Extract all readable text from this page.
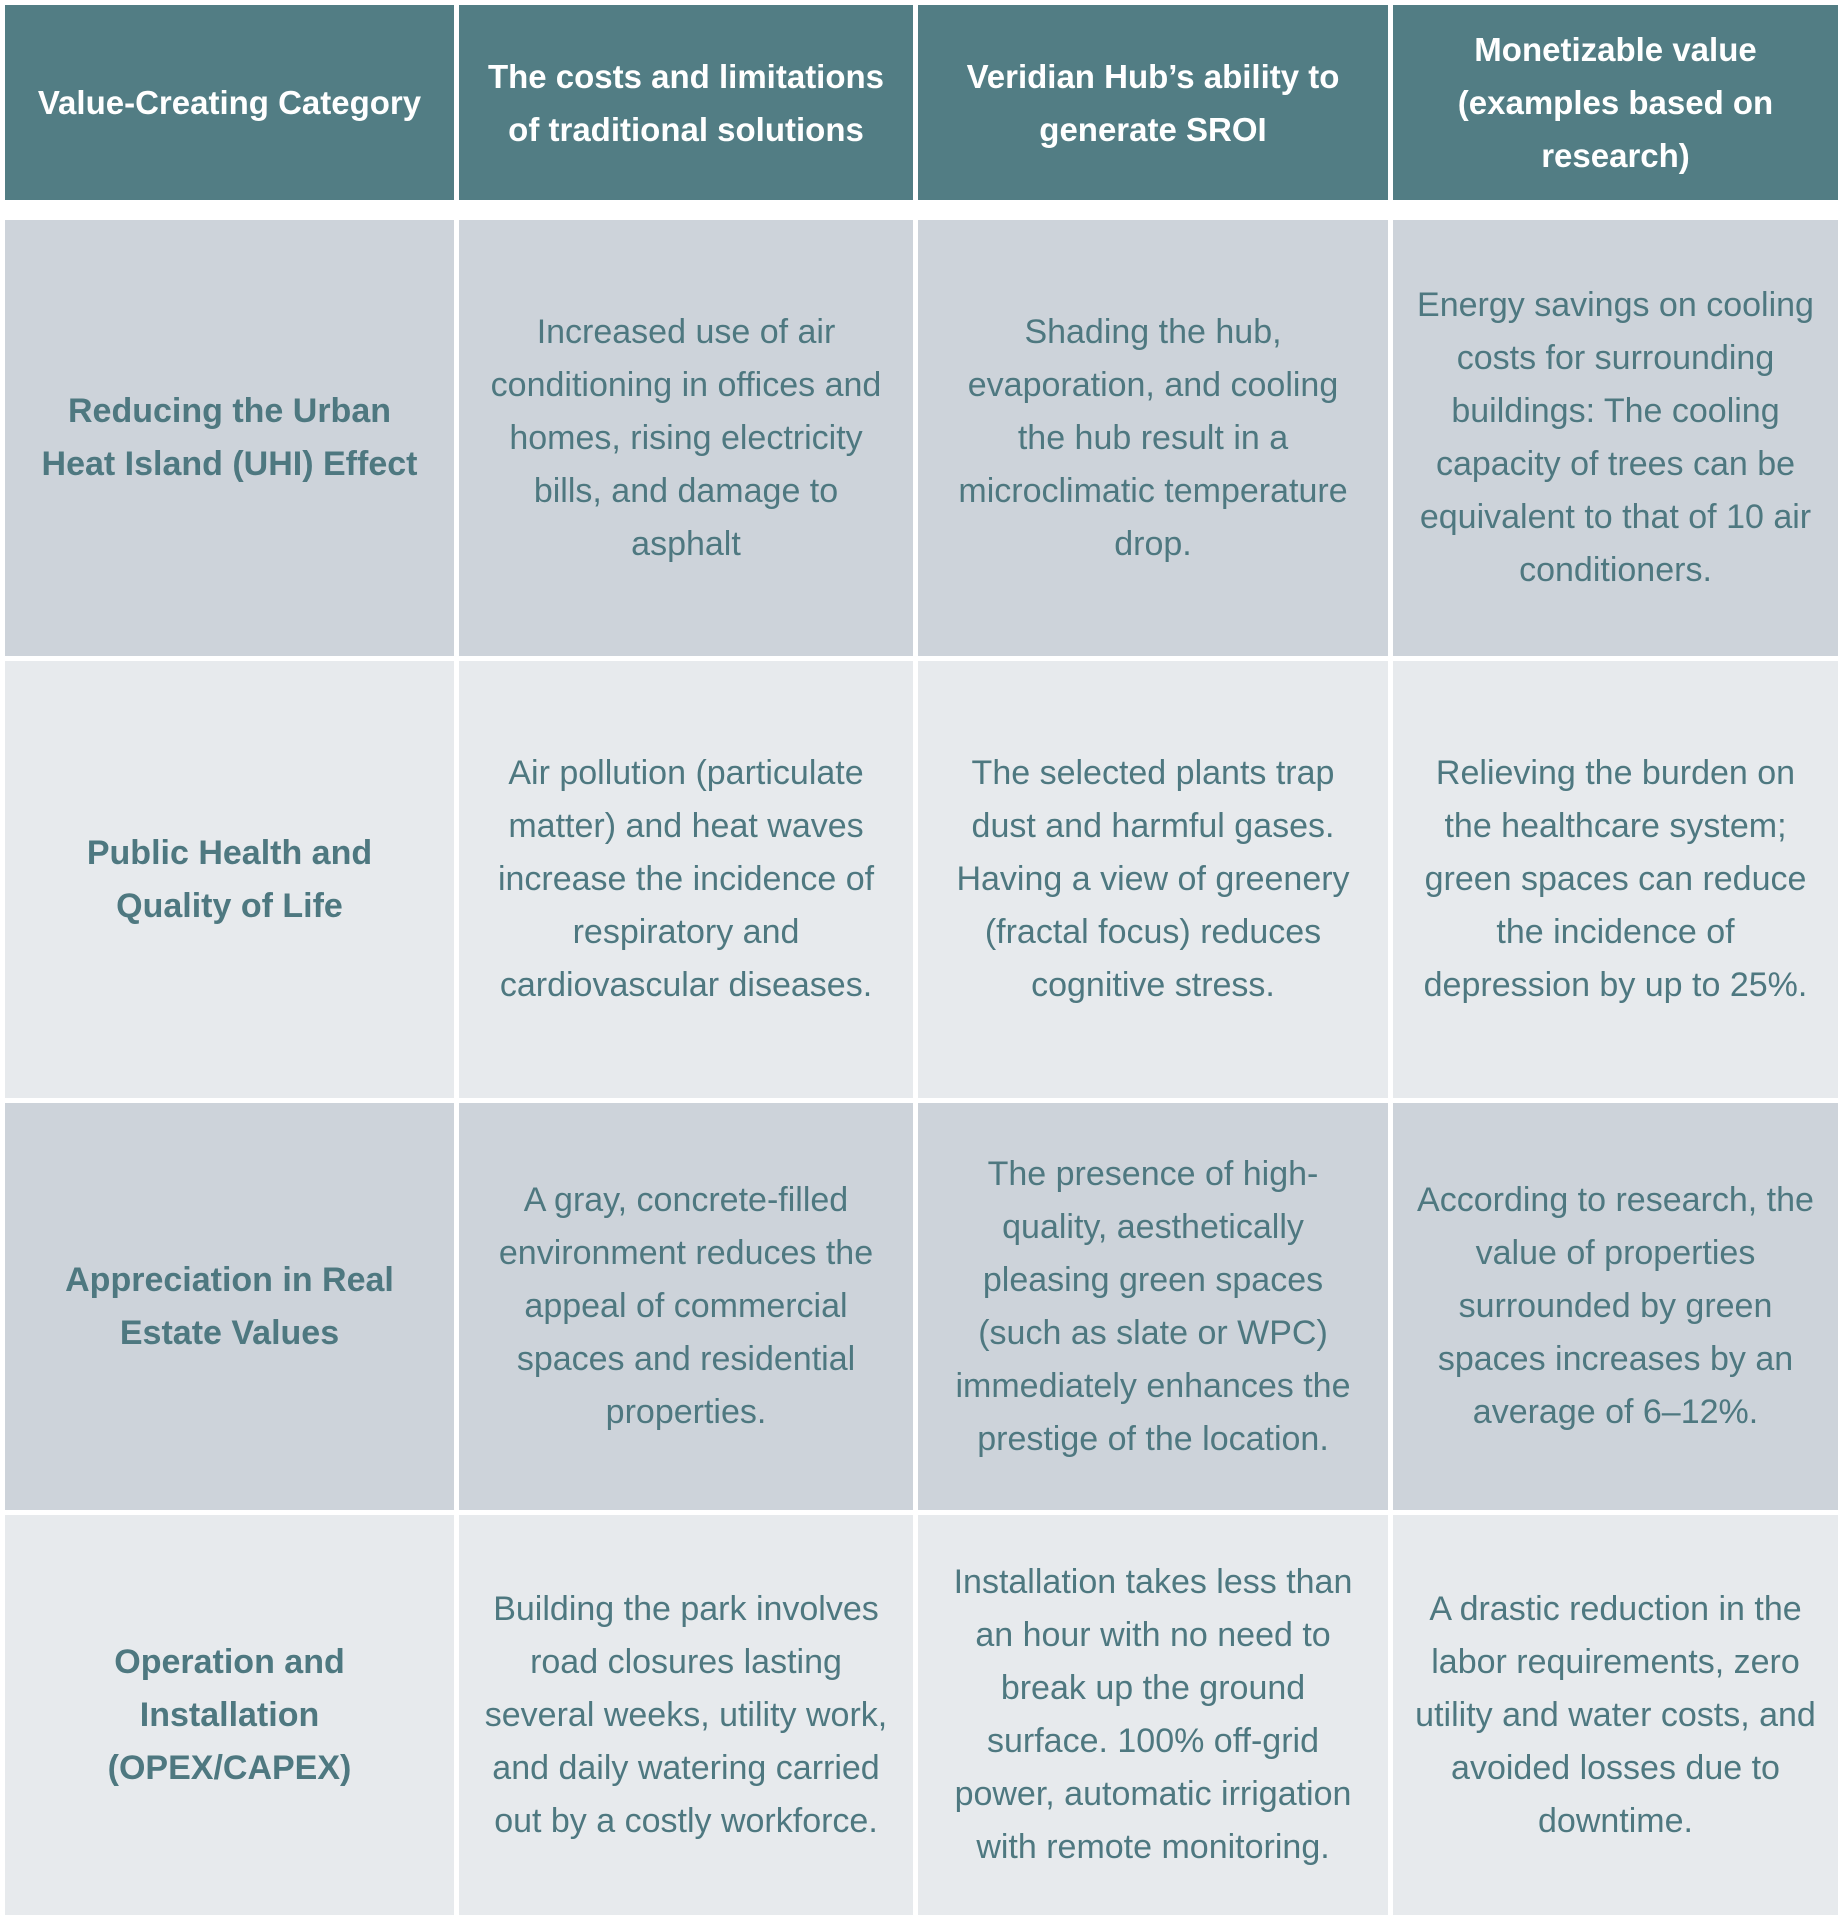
Value-Creating Category	The costs and limitations of traditional solutions	Veridian Hub’s ability to generate SROI	Monetizable value (examples based on research)

Reducing the Urban Heat Island (UHI) Effect	Increased use of air conditioning in offices and homes, rising electricity bills, and damage to asphalt	Shading the hub, evaporation, and cooling the hub result in a microclimatic temperature drop.	Energy savings on cooling costs for surrounding buildings: The cooling capacity of trees can be equivalent to that of 10 air conditioners.
Public Health and Quality of Life	Air pollution (particulate matter) and heat waves increase the incidence of respiratory and cardiovascular diseases.	The selected plants trap dust and harmful gases. Having a view of greenery (fractal focus) reduces cognitive stress.	Relieving the burden on the healthcare system; green spaces can reduce the incidence of depression by up to 25%.
Appreciation in Real Estate Values	A gray, concrete-filled environment reduces the appeal of commercial spaces and residential properties.	The presence of high-quality, aesthetically pleasing green spaces (such as slate or WPC) immediately enhances the prestige of the location.	According to research, the value of properties surrounded by green spaces increases by an average of 6–12%.
Operation and Installation (OPEX/CAPEX)	Building the park involves road closures lasting several weeks, utility work, and daily watering carried out by a costly workforce.	Installation takes less than an hour with no need to break up the ground surface. 100% off-grid power, automatic irrigation with remote monitoring.	A drastic reduction in the labor requirements, zero utility and water costs, and avoided losses due to downtime.
